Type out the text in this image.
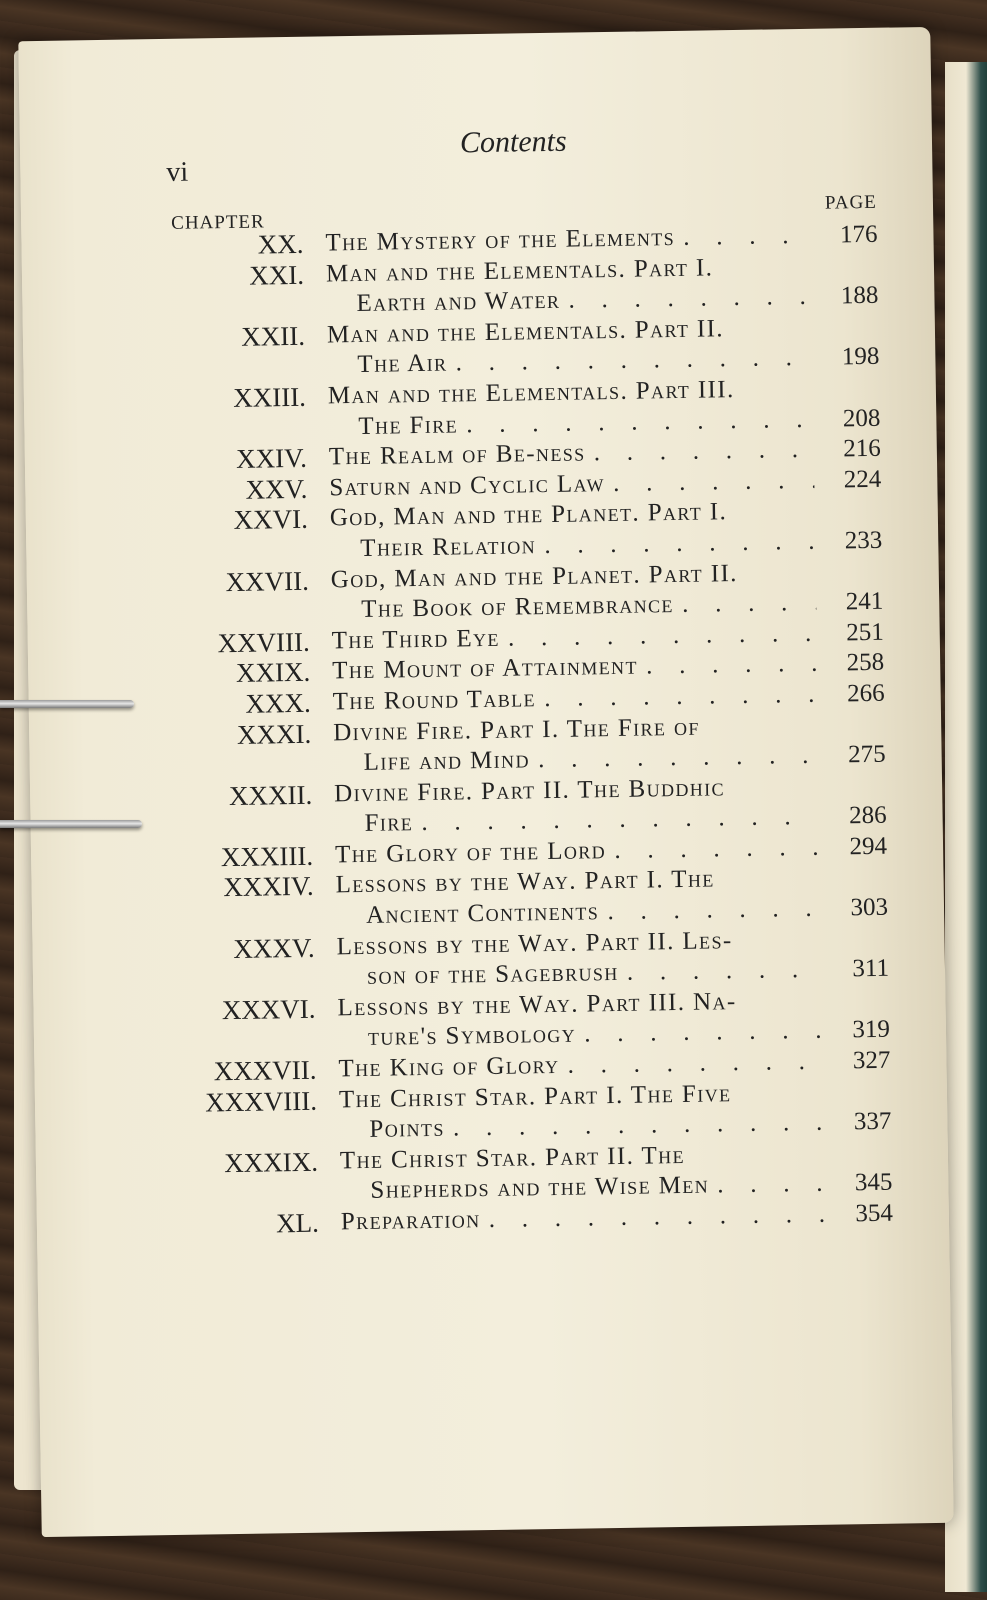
vi
Contents
CHAPTER
PAGE
XX. The Mystery of the Elements .   .	176
XXI. Man and the Elementals. Part I.
Earth and Water .   .	188
XXII. Man and the Elementals. Part II.
The Air .   .	198
XXIII. Man and the Elementals. Part III.
The Fire .   .	208
XXIV. The Realm of Be-ness .   .	216
XXV. Saturn and Cyclic Law .   .	224
XXVI. God, Man and the Planet. Part I.
Their Relation .   .	233
XXVII. God, Man and the Planet. Part II.
The Book of Remembrance .   .	241
XXVIII. The Third Eye .   .	251
XXIX. The Mount of Attainment .   .	258
XXX. The Round Table .   .	266
XXXI. Divine Fire. Part I. The Fire of
Life and Mind .   .	275
XXXII. Divine Fire. Part II. The Buddhic
Fire .   .	286
XXXIII. The Glory of the Lord .   .	294
XXXIV. Lessons by the Way. Part I. The
Ancient Continents .   .	303
XXXV. Lessons by the Way. Part II. Les-
son of the Sagebrush .   .	311
XXXVI. Lessons by the Way. Part III. Na-
ture's Symbology .   .	319
XXXVII. The King of Glory .   .	327
XXXVIII. The Christ Star. Part I. The Five
Points .   .	337
XXXIX. The Christ Star. Part II. The
Shepherds and the Wise Men .   .	345
XL. Preparation .   .	354
